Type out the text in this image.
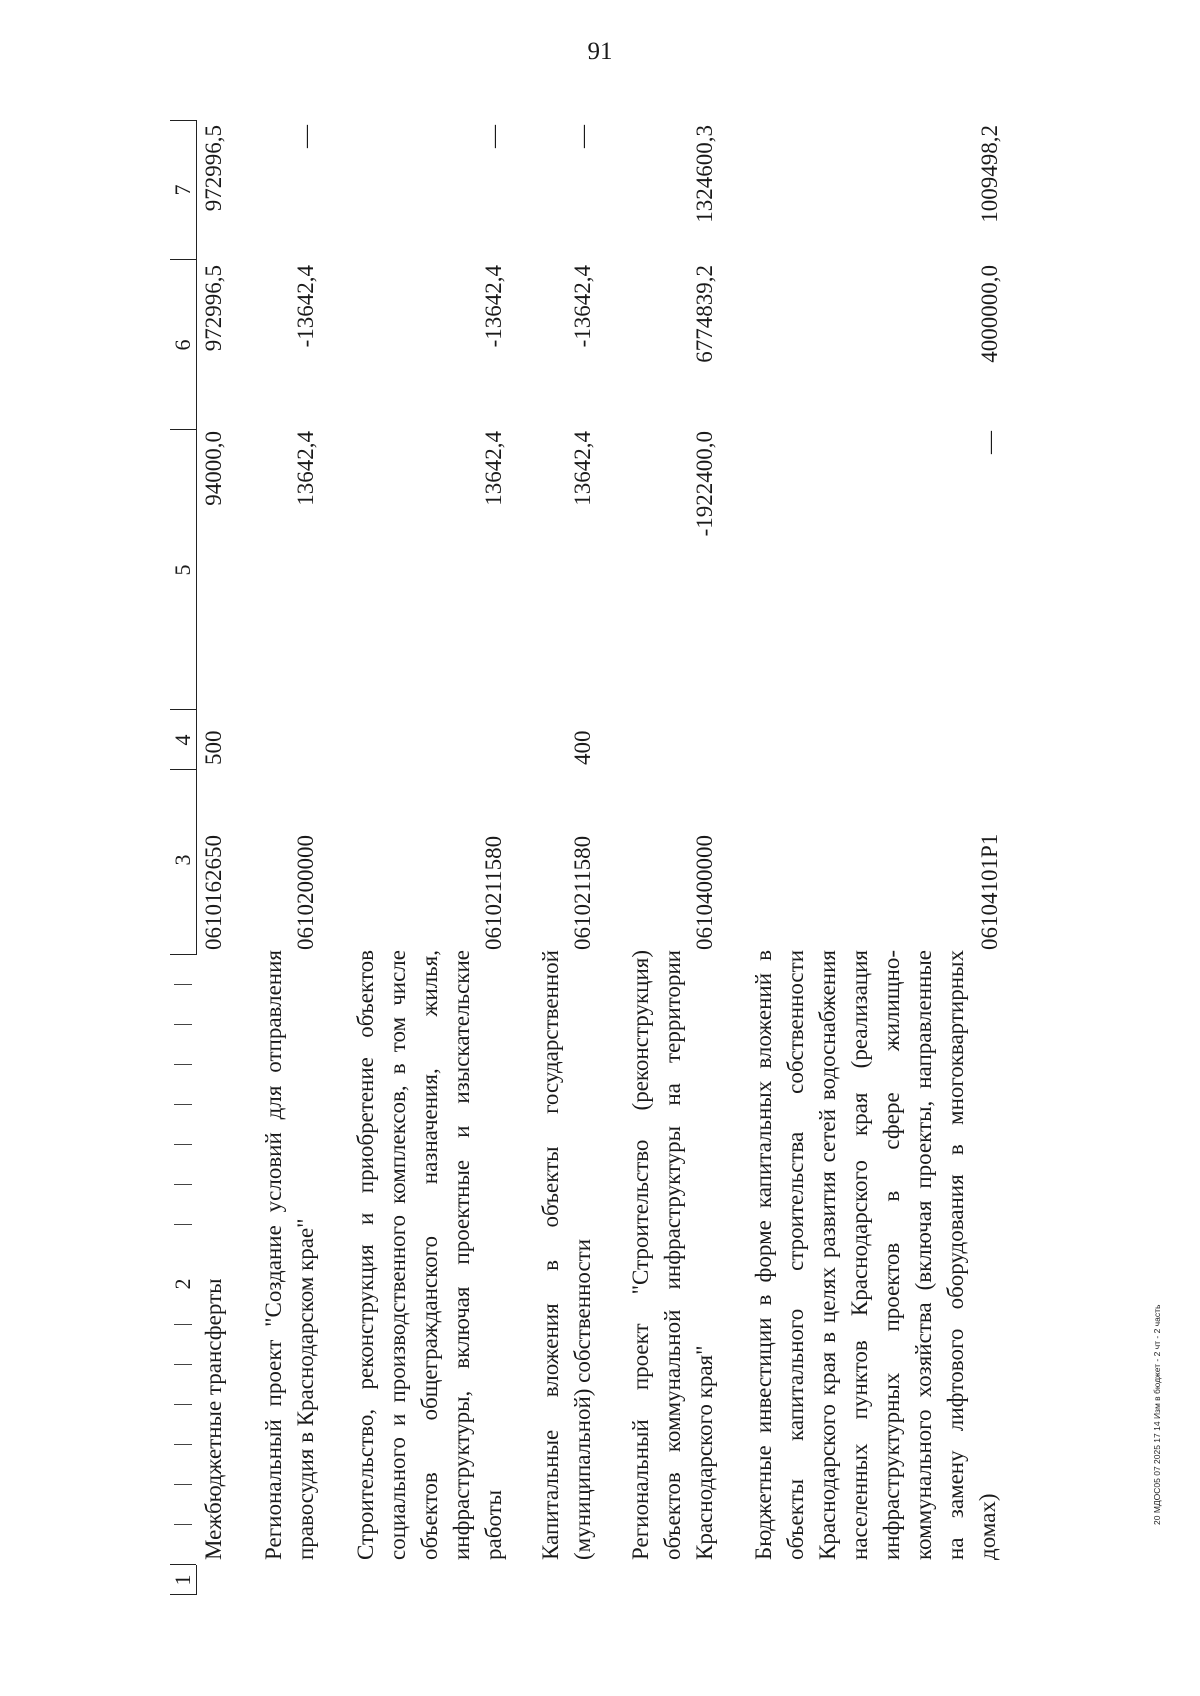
91
20 МДОС05 07 2025 17 14 Изм в бюджет - 2 чт - 2 часть
1
2
3
4
5
6
7
Межбюджетные трансферты
0610162650
500
94000,0
972996,5
972996,5
Региональный проект "Создание условий для отправления правосудия в Краснодарском крае"
0610200000
13642,4
-13642,4
—
Строительство, реконструкция и приобретение объектов социального и производственного комплексов, в том числе объектов общегражданского назначения, жилья, инфраструктуры, включая проектные и изыскательские работы
0610211580
13642,4
-13642,4
—
Капитальные вложения в объекты государственной (муниципальной) собственности
0610211580
400
13642,4
-13642,4
—
Региональный проект "Строительство (реконструкция) объектов коммунальной инфраструктуры на территории Краснодарского края"
0610400000
-1922400,0
6774839,2
1324600,3
Бюджетные инвестиции в форме капитальных вложений в объекты капитального строительства собственности Краснодарского края в целях развития сетей водоснабжения населенных пунктов Краснодарского края (реализация инфраструктурных проектов в сфере жилищно-коммунального хозяйства (включая проекты, направленные на замену лифтового оборудования в многоквартирных домах)
06104101P1
—
4000000,0
1009498,2
